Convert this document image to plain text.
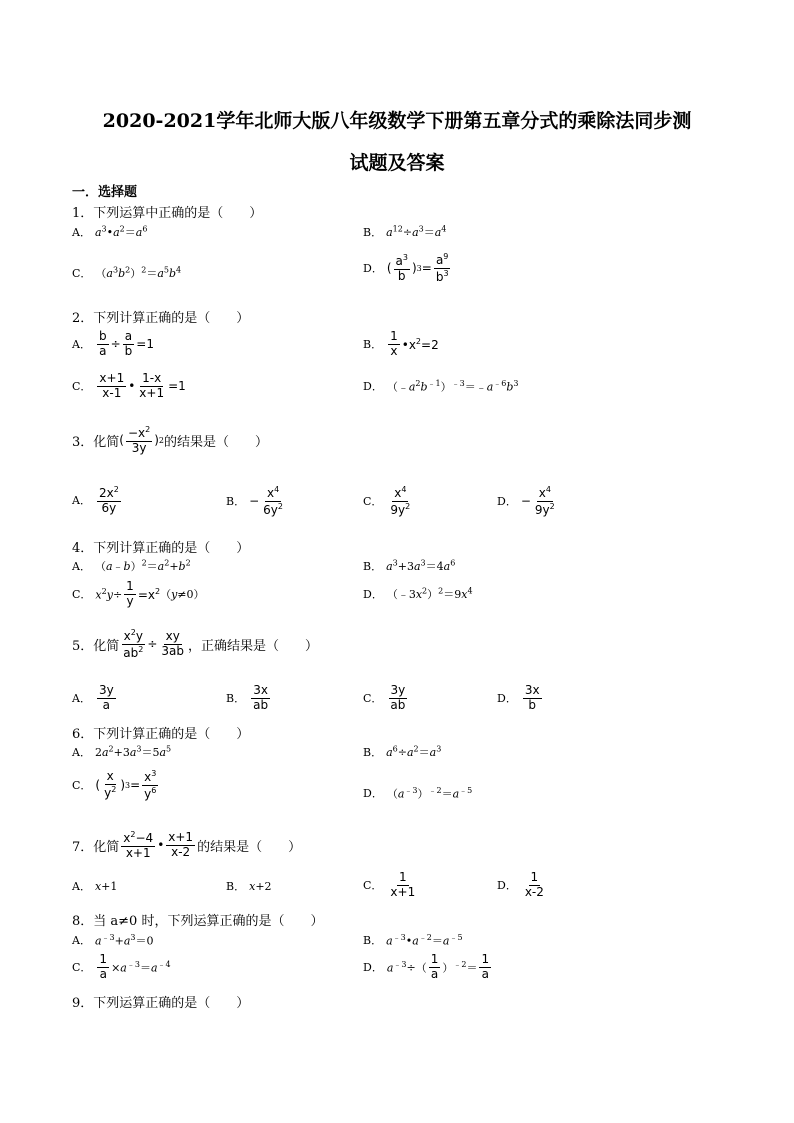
2020-2021学年北师大版八年级数学下册第五章分式的乘除法同步测
试题及答案
一．选择题
1．下列运算中正确的是（　　）
A． $a^3•a^2=a^6$	B． $a^{12}\div a^3=a^4$
C． $(a^3b^2)^2=a^5b^4$	D． ( $\frac{a^3}{b}$ ) $3 = \frac{a^9}{b^3}$
2．下列计算正确的是（　　）
A． $\frac{b}{a} \div \frac{a}{b} =1$	B． $\frac{1}{x}$ $•x^2=2$
C． $\frac{x+1}{x-1}$ • $\frac{1-x}{x+1} =1$	D． $(﹣a^2b^{﹣1})^{﹣3}=﹣a^{﹣6}b^3$
3．化简 ( $\frac{-x^2}{3y}$ ) 2 的结果是（　　）
A． $\frac{2x^2}{6y}$	B． − $\frac{x^4}{6y^2}$	C． $\frac{x^4}{9y^2}$	D． − $\frac{x^4}{9y^2}$
4．下列计算正确的是（　　）
A． $(a﹣b)^2=a^2+b^2$	B． $a^3+3a^3=4a^6$
C． $x^2y\div \frac{1}{y} =x^2$ （y≠0）	D． $(﹣3x^2)^2=9x^4$
5．化简 $\frac{x^2y}{ab^2} \div \frac{xy}{3ab}$ ，正确结果是（　　）
A． $\frac{3y}{a}$	B． $\frac{3x}{ab}$	C． $\frac{3y}{ab}$	D． $\frac{3x}{b}$
6．下列计算正确的是（　　）
A． $2a^2+3a^3=5a^5$	B． $a^6\div a^2=a^3$
C． ( $\frac{x}{y^2}$ ) $3 = \frac{x^3}{y^6}$	D． $(a^{﹣3})^{﹣2}=a^{﹣5}$
7．化简 $\frac{x^2-4}{x+1}$ • $\frac{x+1}{x-2}$ 的结果是（　　）
A． x+1	B． x+2	C． $\frac{1}{x+1}$	D． $\frac{1}{x-2}$
8．当 a≠0 时，下列运算正确的是（　　）
A． $a^{﹣3}+a^3=0$	B． $a^{﹣3}•a^{﹣2}=a^{﹣5}$
C． $\frac{1}{a} \times a^{﹣3}=a^{﹣4}$	D． $a^{﹣3}\div( \frac{1}{a} )^{﹣2}= \frac{1}{a}$
9．下列运算正确的是（　　）
